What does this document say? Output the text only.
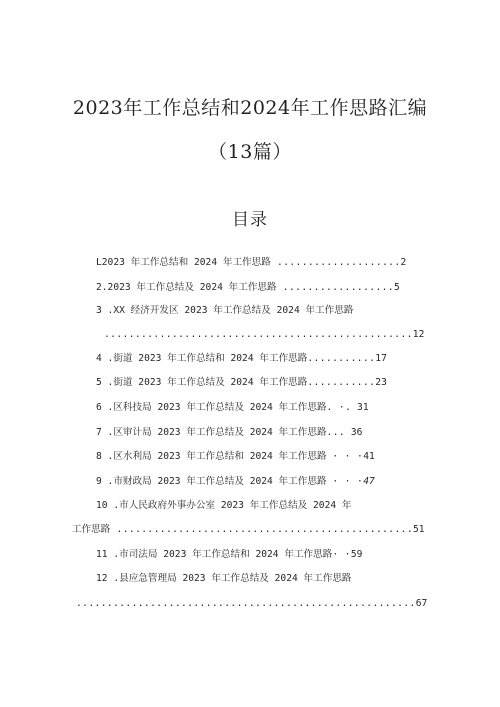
2023年工作总结和2024年工作思路汇编
（13篇）
目录
L2023 年工作总结和 2024 年工作思路 ....................2
2.2023 年工作总结及 2024 年工作思路 ..................5
3 .XX 经济开发区 2023 年工作总结及 2024 年工作思路
..................................................12
4 .街道 2023 年工作总结和 2024 年工作思路...........17
5 .街道 2023 年工作总结及 2024 年工作思路...........23
6 .区科技局 2023 年工作总结及 2024 年工作思路. ·. 31
7 .区审计局 2023 年工作总结及 2024 年工作思路... 36
8 .区水利局 2023 年工作总结和 2024 年工作思路 · · ·41
9 .市财政局 2023 年工作总结及 2024 年工作思路 · · ·47
10 .市人民政府外事办公室 2023 年工作总结及 2024 年
工作思路 ................................................51
11 .市司法局 2023 年工作总结和 2024 年工作思路· ·59
12 .县应急管理局 2023 年工作总结及 2024 年工作思路
.......................................................67
